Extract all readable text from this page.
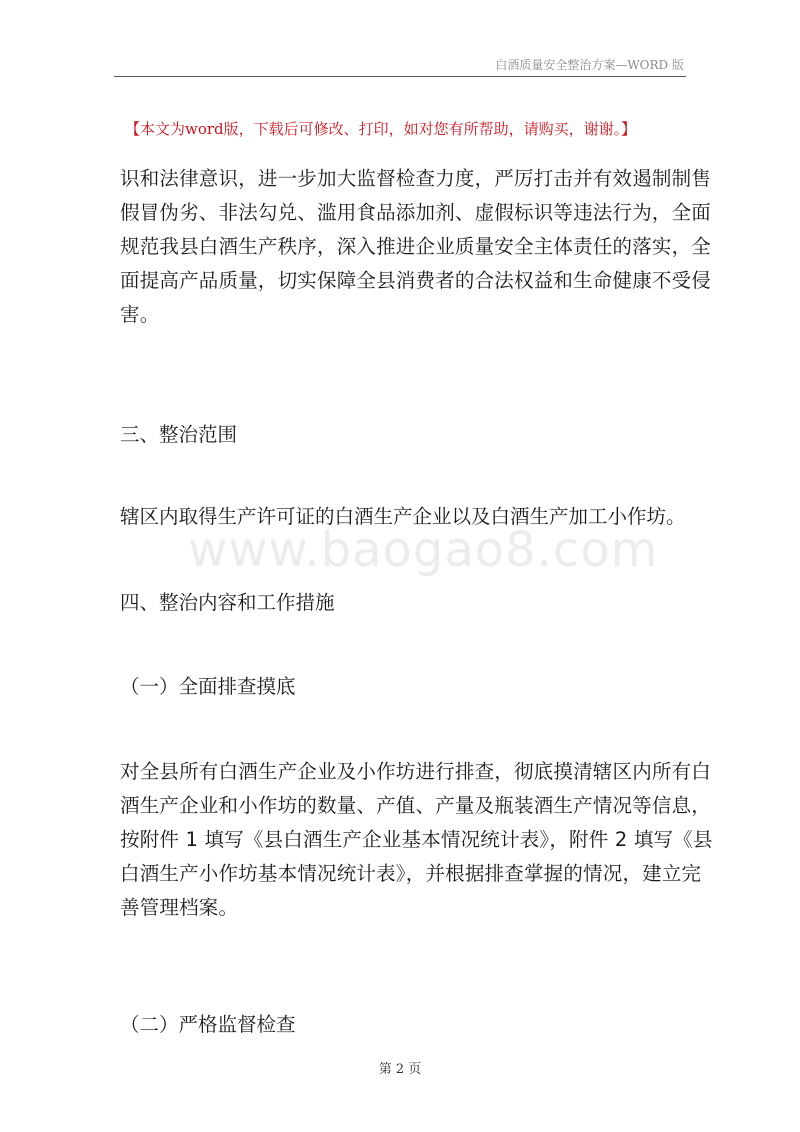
白酒质量安全整治方案—WORD 版
【本文为word版，下载后可修改、打印，如对您有所帮助，请购买，谢谢。】
识和法律意识，进一步加大监督检查力度，严厉打击并有效遏制制售
假冒伪劣、非法勾兑、滥用食品添加剂、虚假标识等违法行为，全面
规范我县白酒生产秩序，深入推进企业质量安全主体责任的落实，全
面提高产品质量，切实保障全县消费者的合法权益和生命健康不受侵
害。
三、整治范围
辖区内取得生产许可证的白酒生产企业以及白酒生产加工小作坊。
www.baogao8.com
四、整治内容和工作措施
（一）全面排查摸底
对全县所有白酒生产企业及小作坊进行排查，彻底摸清辖区内所有白
酒生产企业和小作坊的数量、产值、产量及瓶装酒生产情况等信息，
按附件 1 填写《县白酒生产企业基本情况统计表》，附件 2 填写《县
白酒生产小作坊基本情况统计表》，并根据排查掌握的情况，建立完
善管理档案。
（二）严格监督检查
第 2 页
